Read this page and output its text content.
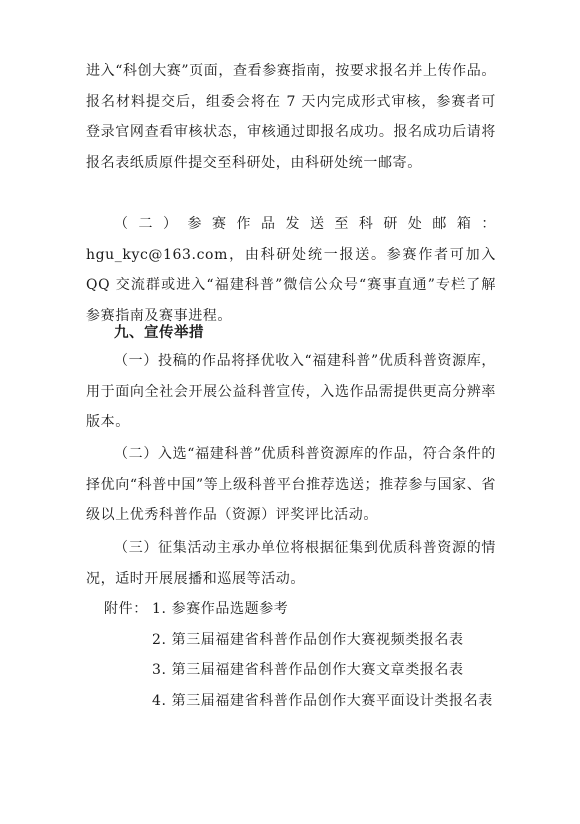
进入“科创大赛”页面，查看参赛指南，按要求报名并上传作品。报名材料提交后，组委会将在 7 天内完成形式审核，参赛者可登录官网查看审核状态，审核通过即报名成功。报名成功后请将报名表纸质原件提交至科研处，由科研处统一邮寄。

（二）参赛作品发送至科研处邮箱：hgu_kyc@163.com，由科研处统一报送。参赛作者可加入 QQ 交流群或进入“福建科普”微信公众号“赛事直通”专栏了解参赛指南及赛事进程。

九、宣传举措

（一）投稿的作品将择优收入“福建科普”优质科普资源库，用于面向全社会开展公益科普宣传，入选作品需提供更高分辨率版本。

（二）入选“福建科普”优质科普资源库的作品，符合条件的择优向“科普中国”等上级科普平台推荐选送；推荐参与国家、省级以上优秀科普作品（资源）评奖评比活动。

（三）征集活动主承办单位将根据征集到优质科普资源的情况，适时开展展播和巡展等活动。

附件： 1. 参赛作品选题参考
2. 第三届福建省科普作品创作大赛视频类报名表
3. 第三届福建省科普作品创作大赛文章类报名表
4. 第三届福建省科普作品创作大赛平面设计类报名表
